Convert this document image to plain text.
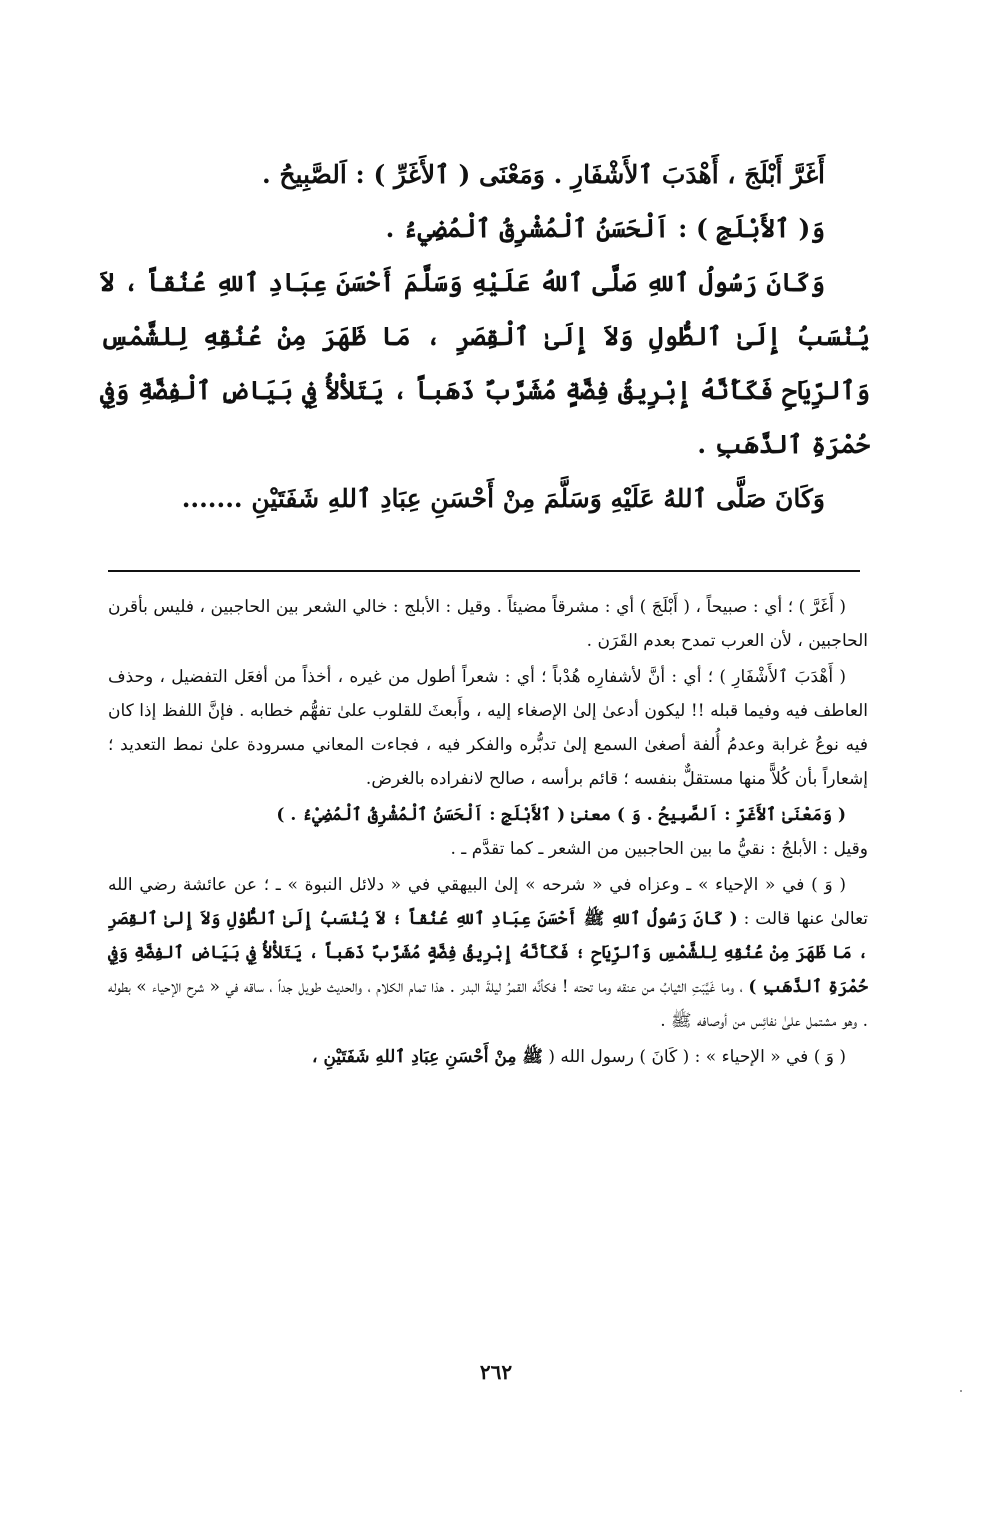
أَغَرَّ أَبْلَجَ ، أَهْدَبَ ٱلأَشْفَارِ . وَمَعْنَى ( ٱلأَغَرِّ ) : اَلصَّبِيحُ .

وَ( ٱلأَبْلَجِ ) : اَلْحَسَنُ ٱلْمُشْرِقُ ٱلْمُضِيءُ .

وَكَانَ رَسُولُ ٱللهِ صَلَّى ٱللهُ عَلَيْهِ وَسَلَّمَ أَحْسَنَ عِبَادِ ٱللهِ عُنُقاً ، لاَ يُنْسَبُ إِلَىٰ ٱلطُّولِ وَلاَ إِلَىٰ ٱلْقِصَرِ ، مَا ظَهَرَ مِنْ عُنُقِهِ لِلشَّمْسِ وَٱلرِّيَاحِ فَكَأَنَّهُ إِبْرِيقُ فِضَّةٍ مُشَرَّبٌ ذَهَباً ، يَتَلأْلأُ فِي بَيَاضِ ٱلْفِضَّةِ وَفِي حُمْرَةِ ٱلذَّهَبِ .

وَكَانَ صَلَّى ٱللهُ عَلَيْهِ وَسَلَّمَ مِنْ أَحْسَنِ عِبَادِ ٱللهِ شَفَتَيْنِ .......

( أَغَرَّ ) ؛ أي : صبيحاً ، ( أَبْلَجَ ) أي : مشرقاً مضيئاً . وقيل : الأبلج : خالي الشعر بين الحاجبين ، فليس بأقرن الحاجبين ، لأن العرب تمدح بعدم القَرَن .

( أَهْدَبَ ٱلأَشْفَارِ ) ؛ أي : أنَّ لأشفارِه هُدْباً ؛ أي : شعراً أطول من غيره ، أخذاً من أفعَل التفضيل ، وحذف العاطف فيه وفيما قبله !! ليكون أدعىٰ إلىٰ الإصغاء إليه ، وأَبعثَ للقلوب علىٰ تفهُّم خطابه . فإنَّ اللفظ إذا كان فيه نوعُ غرابة وعدمُ أُلفة أصغىٰ السمع إلىٰ تدبُّره والفكر فيه ، فجاءت المعاني مسرودة علىٰ نمط التعديد ؛ إشعاراً بأن كُلاًّ منها مستقلٌّ بنفسه ؛ قائم برأسه ، صالح لانفراده بالغرض.

( وَمَعْنَىٰ ٱلأَغَرِّ : اَلصَّبِيحُ . وَ ) معنىٰ ( ٱلأَبْلَجِ : اَلْحَسَنُ ٱلْمُشْرِقُ ٱلْمُضِيْءُ . )

وقيل : الأبلجُ : نقيُّ ما بين الحاجبين من الشعر ـ كما تقدَّم ـ .

( وَ ) في « الإحياء » ـ وعزاه في « شرحه » إلىٰ البيهقي في « دلائل النبوة » ـ ؛ عن عائشة رضي الله تعالىٰ عنها قالت : ( كَانَ رَسُولُ ٱللهِ ﷺ أَحْسَنَ عِبَادِ ٱللهِ عُنُقاً ؛ لاَ يُنْسَبُ إِلَىٰ ٱلطُّوْلِ وَلاَ إِلىٰ ٱلقِصَرِ ، مَا ظَهَرَ مِنْ عُنُقِهِ لِلشَّمْسِ وَٱلرِّيَاحِ ؛ فَكَأَنَّهُ إِبْرِيقُ فِضَّةٍ مُشَرَّبٌ ذَهَباً ، يَتَلأْلأُ فِي بَيَاضِ ٱلفِضَّةِ وَفِي حُمْرَةِ ٱلذَّهَبِ ) ، وما غَيَّبَتِ الثيابُ من عنقه وما تحته ! فكأنَّه القمرُ ليلةَ البدر . هذا تمام الكلام ، والحديث طويل جداً ، ساقه في « شرح الإحياء » بطوله . وهو مشتمل علىٰ نفائِس من أوصافه ﷺ .

( وَ ) في « الإحياء » : ( كَانَ ) رسول الله ( ﷺ مِنْ أَحْسَنِ عِبَادِ ٱللهِ شَفَتَيْنِ ،

٢٦٢
